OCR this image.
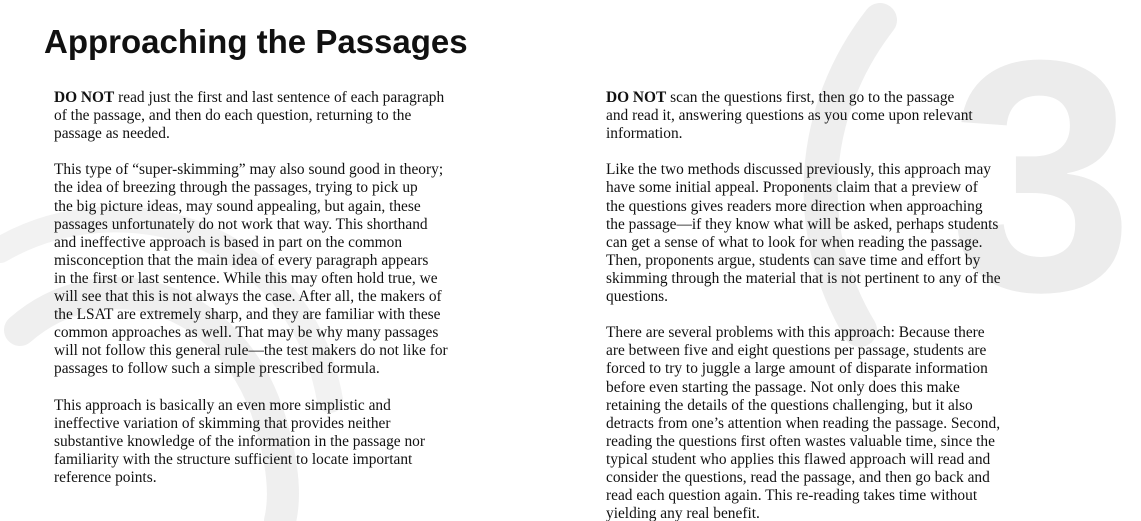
3
Approaching the Passages

DO NOT read just the first and last sentence of each paragraph
of the passage, and then do each question, returning to the
passage as needed.

This type of “super-skimming” may also sound good in theory;
the idea of breezing through the passages, trying to pick up
the big picture ideas, may sound appealing, but again, these
passages unfortunately do not work that way. This shorthand
and ineffective approach is based in part on the common
misconception that the main idea of every paragraph appears
in the first or last sentence. While this may often hold true, we
will see that this is not always the case. After all, the makers of
the LSAT are extremely sharp, and they are familiar with these
common approaches as well. That may be why many passages
will not follow this general rule—the test makers do not like for
passages to follow such a simple prescribed formula.

This approach is basically an even more simplistic and
ineffective variation of skimming that provides neither
substantive knowledge of the information in the passage nor
familiarity with the structure sufficient to locate important
reference points.

DO NOT scan the questions first, then go to the passage
and read it, answering questions as you come upon relevant
information.

Like the two methods discussed previously, this approach may
have some initial appeal. Proponents claim that a preview of
the questions gives readers more direction when approaching
the passage—if they know what will be asked, perhaps students
can get a sense of what to look for when reading the passage.
Then, proponents argue, students can save time and effort by
skimming through the material that is not pertinent to any of the
questions.

There are several problems with this approach: Because there
are between five and eight questions per passage, students are
forced to try to juggle a large amount of disparate information
before even starting the passage. Not only does this make
retaining the details of the questions challenging, but it also
detracts from one’s attention when reading the passage. Second,
reading the questions first often wastes valuable time, since the
typical student who applies this flawed approach will read and
consider the questions, read the passage, and then go back and
read each question again. This re-reading takes time without
yielding any real benefit.
